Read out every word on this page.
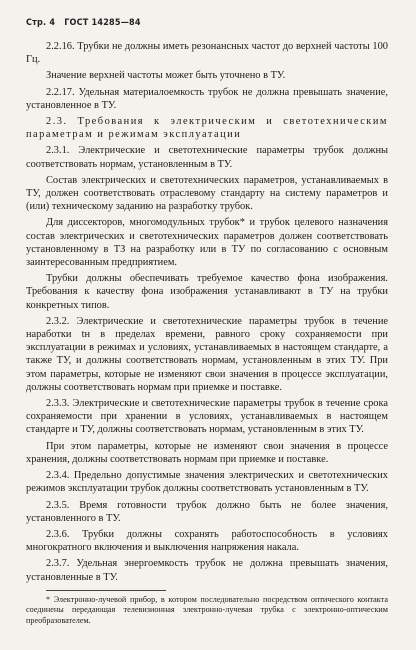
Стр. 4 ГОСТ 14285—84

2.2.16. Трубки не должны иметь резонансных частот до верхней частоты 100 Гц.

Значение верхней частоты может быть уточнено в ТУ.

2.2.17. Удельная материалоемкость трубок не должна превышать значение, установленное в ТУ.

2.3. Требования к электрическим и светотехническим параметрам и режимам эксплуатации

2.3.1. Электрические и светотехнические параметры трубок должны соответствовать нормам, установленным в ТУ.

Состав электрических и светотехнических параметров, устанавливаемых в ТУ, должен соответствовать отраслевому стандарту на систему параметров и (или) техническому заданию на разработку трубок.

Для диссекторов, многомодульных трубок* и трубок целевого назначения состав электрических и светотехнических параметров должен соответствовать установленному в ТЗ на разработку или в ТУ по согласованию с основным заинтересованным предприятием.

Трубки должны обеспечивать требуемое качество фона изображения. Требования к качеству фона изображения устанавливают в ТУ на трубки конкретных типов.

2.3.2. Электрические и светотехнические параметры трубок в течение наработки tн в пределах времени, равного сроку сохраняемости при эксплуатации в режимах и условиях, устанавливаемых в настоящем стандарте, а также ТУ, и должны соответствовать нормам, установленным в этих ТУ. При этом параметры, которые не изменяют свои значения в процессе эксплуатации, должны соответствовать нормам при приемке и поставке.

2.3.3. Электрические и светотехнические параметры трубок в течение срока сохраняемости при хранении в условиях, устанавливаемых в настоящем стандарте и ТУ, должны соответствовать нормам, установленным в этих ТУ.

При этом параметры, которые не изменяют свои значения в процессе хранения, должны соответствовать нормам при приемке и поставке.

2.3.4. Предельно допустимые значения электрических и светотехнических режимов эксплуатации трубок должны соответствовать установленным в ТУ.

2.3.5. Время готовности трубок должно быть не более значения, установленного в ТУ.

2.3.6. Трубки должны сохранять работоспособность в условиях многократного включения и выключения напряжения накала.

2.3.7. Удельная энергоемкость трубок не должна превышать значения, установленные в ТУ.

* Электронно-лучевой прибор, в котором последовательно посредством оптического контакта соединены передающая телевизионная электронно-лучевая трубка с электронно-оптическим преобразователем.
